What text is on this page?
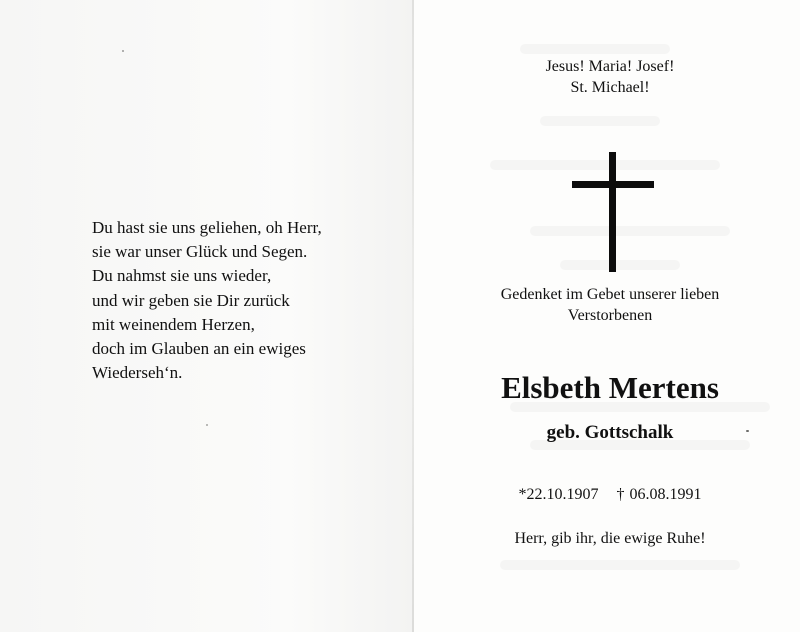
Du hast sie uns geliehen, oh Herr,
sie war unser Glück und Segen.
Du nahmst sie uns wieder,
und wir geben sie Dir zurück
mit weinendem Herzen,
doch im Glauben an ein ewiges
Wiederseh‘n.
Jesus! Maria! Josef!
St. Michael!
Gedenket im Gebet unserer lieben
Verstorbenen
Elsbeth Mertens
geb. Gottschalk
*22.10.1907 † 06.08.1991
Herr, gib ihr, die ewige Ruhe!
